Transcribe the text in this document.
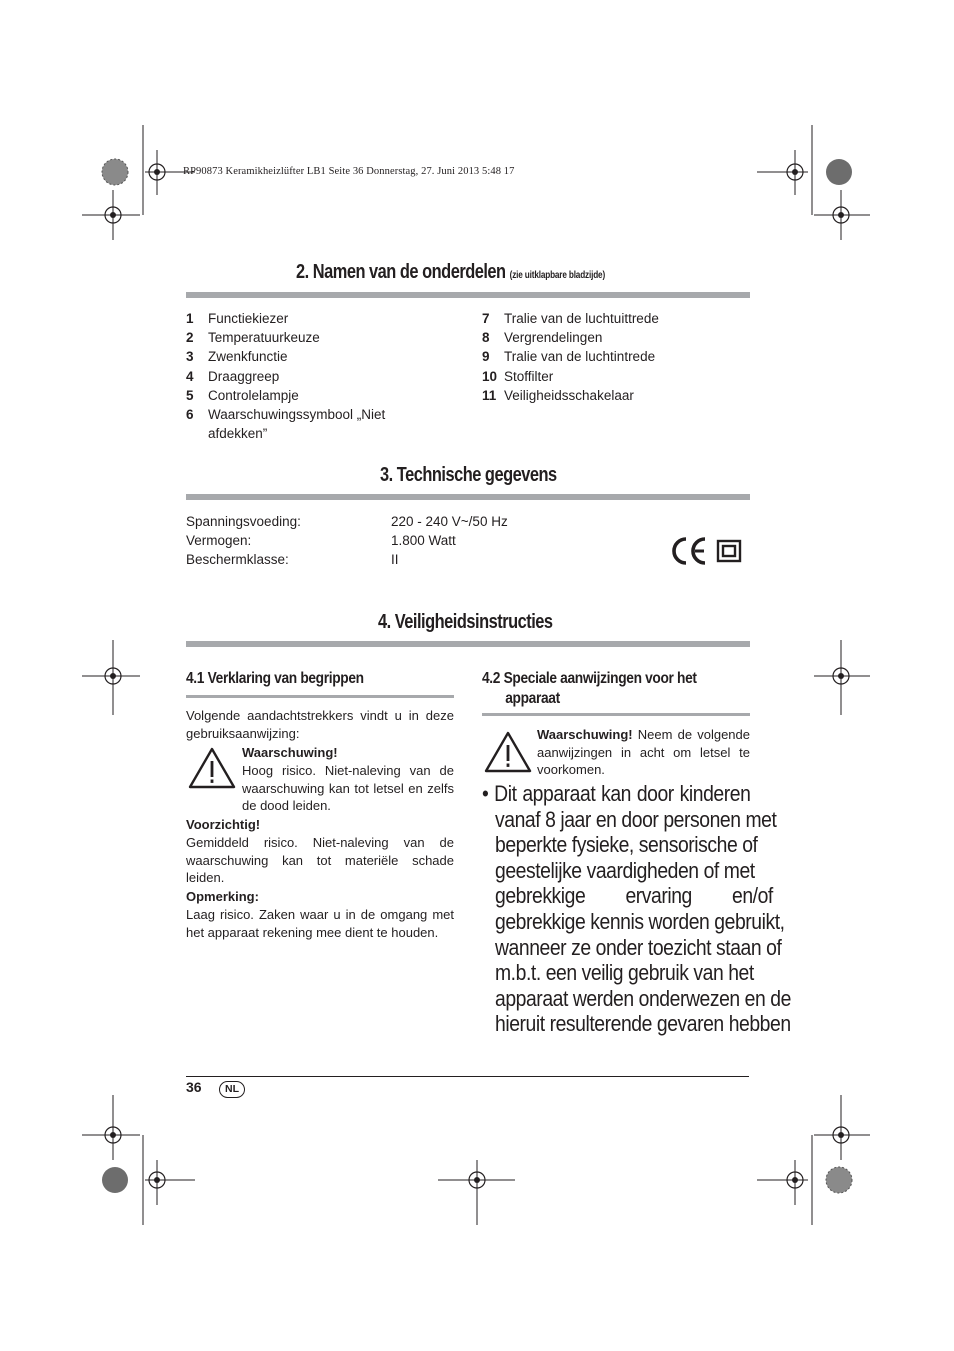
RP90873 Keramikheizlüfter LB1 Seite 36 Donnerstag, 27. Juni 2013 5:48 17
2. Namen van de onderdelen (zie uitklapbare bladzijde)
1	Functiekiezer
2	Temperatuurkeuze
3	Zwenkfunctie
4	Draaggreep
5	Controlelampje
6	Waarschuwingssymbool „Niet afdekken”
7	Tralie van de luchtuittrede
8	Vergrendelingen
9	Tralie van de luchtintrede
10 Stoffilter
11 Veiligheidsschakelaar
3. Technische gegevens
Spanningsvoeding:	220 - 240 V~/50 Hz
Vermogen:	1.800 Watt
Beschermklasse:	II
4. Veiligheidsinstructies
4.1 Verklaring van begrippen
Volgende aandachtstrekkers vindt u in deze gebruiksaanwijzing:
Waarschuwing!
Hoog risico. Niet-naleving van de waarschuwing kan tot letsel en zelfs de dood leiden.
Voorzichtig!
Gemiddeld risico. Niet-naleving van de waarschuwing kan tot materiële schade leiden.
Opmerking:
Laag risico. Zaken waar u in de omgang met het apparaat rekening mee dient te houden.
4.2 Speciale aanwijzingen voor het
apparaat
Waarschuwing! Neem de volgende aanwijzingen in acht om letsel te voorkomen.
• Dit apparaat kan door kinderen
vanaf 8 jaar en door personen met
beperkte fysieke, sensorische of
geestelijke vaardigheden of met
gebrekkige ervaring en/of
gebrekkige kennis worden gebruikt,
wanneer ze onder toezicht staan of
m.b.t. een veilig gebruik van het
apparaat werden onderwezen en de
hieruit resulterende gevaren hebben
36	NL
